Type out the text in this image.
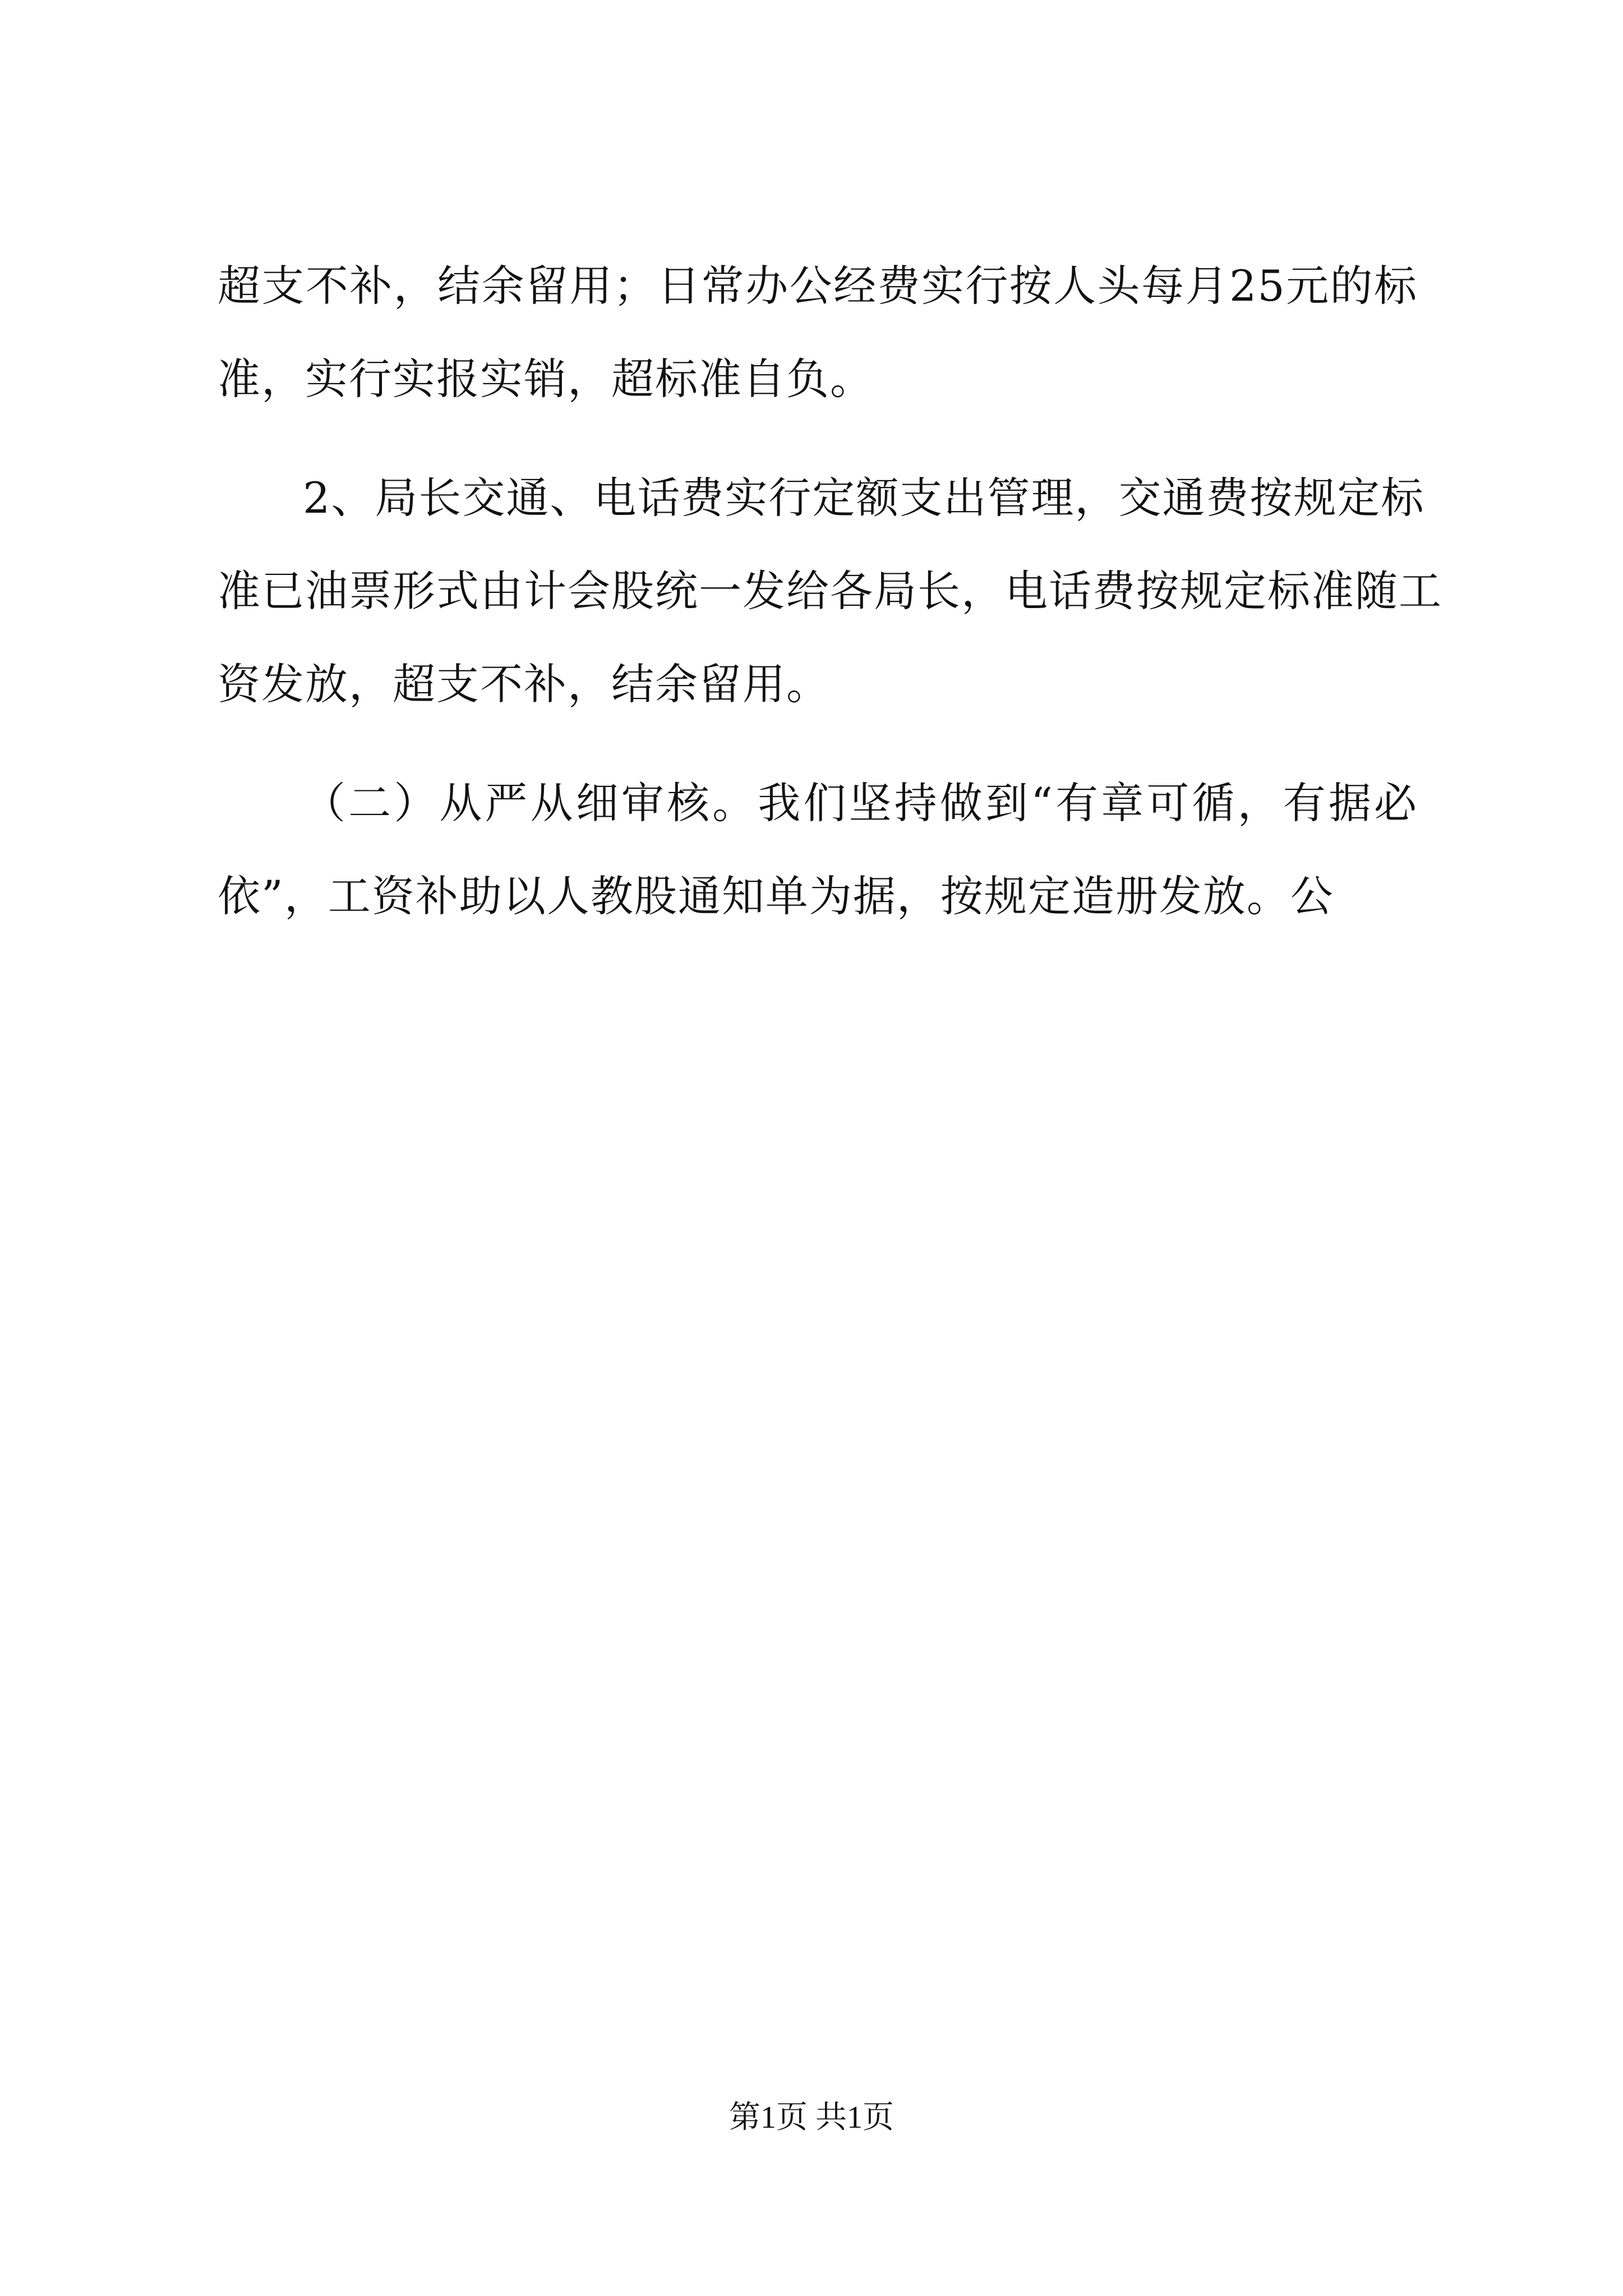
超支不补，结余留用；日常办公经费实行按人头每月25元的标
准，实行实报实销，超标准自负。
2、局长交通、电话费实行定额支出管理，交通费按规定标
准已油票形式由计会股统一发给各局长，电话费按规定标准随工
资发放，超支不补，结余留用。
（二）从严从细审核。我们坚持做到“有章可循，有据必
依”，工资补助以人教股通知单为据，按规定造册发放。公
第1页 共1页
